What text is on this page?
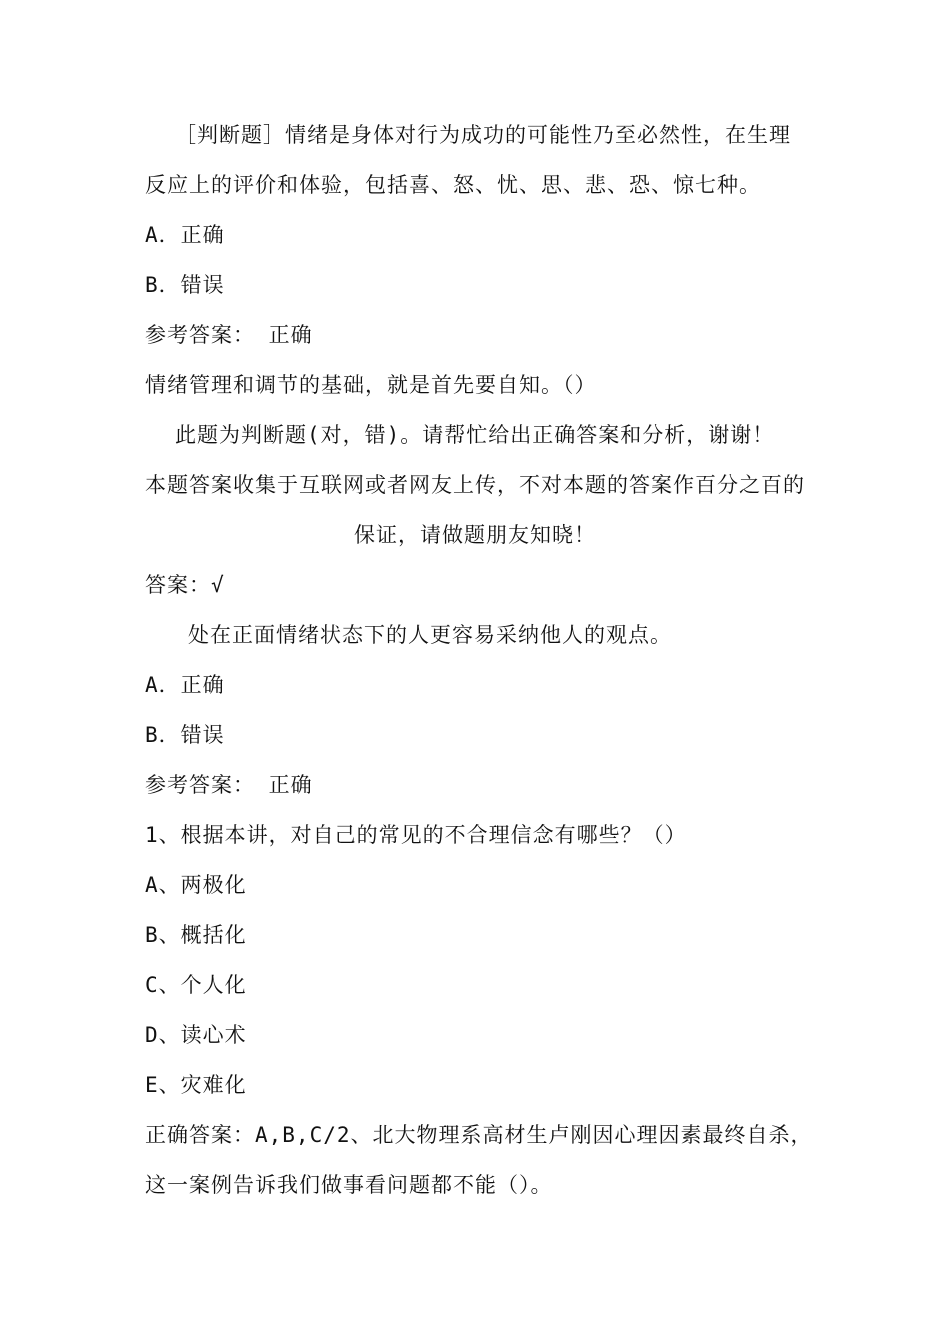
［判断题］情绪是身体对行为成功的可能性乃至必然性，在生理
反应上的评价和体验，包括喜、怒、忧、思、悲、恐、惊七种。
A．正确
B．错误
参考答案： 正确
情绪管理和调节的基础，就是首先要自知。（）
此题为判断题(对，错)。请帮忙给出正确答案和分析，谢谢！
本题答案收集于互联网或者网友上传，不对本题的答案作百分之百的
保证，请做题朋友知晓！
答案：√
处在正面情绪状态下的人更容易采纳他人的观点。
A．正确
B．错误
参考答案： 正确
1、根据本讲，对自己的常见的不合理信念有哪些？（）
A、两极化
B、概括化
C、个人化
D、读心术
E、灾难化
正确答案：A,B,C/2、北大物理系高材生卢刚因心理因素最终自杀，
这一案例告诉我们做事看问题都不能（）。
